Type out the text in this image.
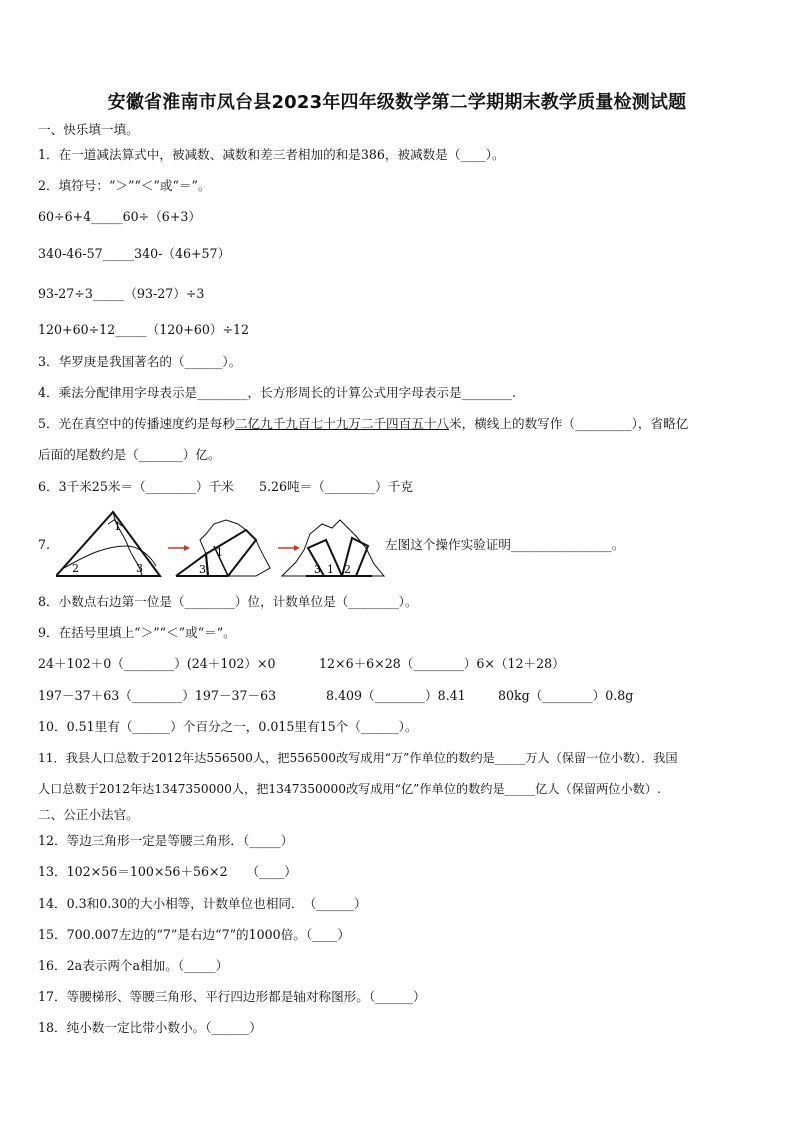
安徽省淮南市凤台县2023年四年级数学第二学期期末教学质量检测试题
一、快乐填一填。
1．在一道减法算式中，被减数、减数和差三者相加的和是386，被减数是（____）。
2．填符号：“＞”“＜”或“＝”。
60÷6+4_____60÷（6+3）
340-46-57_____340-（46+57）
93-27÷3_____（93-27）÷3
120+60÷12_____（120+60）÷12
3．华罗庚是我国著名的（______）。
4．乘法分配律用字母表示是________，长方形周长的计算公式用字母表示是________.
5．光在真空中的传播速度约是每秒二亿九千九百七十九万二千四百五十八米，横线上的数写作（_________），省略亿
后面的尾数约是（_______）亿。
6．3千米25米＝（________）千米　　5.26吨＝（________）千克
7.
1
2	3
1
3	3 1 2
左图这个操作实验证明________________。
8．小数点右边第一位是（________）位，计数单位是（________）。
9．在括号里填上“＞”“＜”或“＝”。
24＋102＋0（________）(24＋102）×0	12×6＋6×28（________）6×（12＋28）
197－37＋63（________）197－37－63	8.409（________）8.41	80kg（________）0.8g
10．0.51里有（______）个百分之一，0.015里有15个（______）。
11．我县人口总数于2012年达556500人，把556500改写成用“万”作单位的数约是_____万人（保留一位小数）．我国
人口总数于2012年达1347350000人，把1347350000改写成用“亿”作单位的数约是_____亿人（保留两位小数）.
二、公正小法官。
12．等边三角形一定是等腰三角形．（_____）
13．102×56＝100×56＋56×2　　（____）
14．0.3和0.30的大小相等，计数单位也相同．　（______）
15．700.007左边的“7”是右边“7”的1000倍。（____）
16．2a表示两个a相加。（_____）
17．等腰梯形、等腰三角形、平行四边形都是轴对称图形。（______）
18．纯小数一定比带小数小。（______）
